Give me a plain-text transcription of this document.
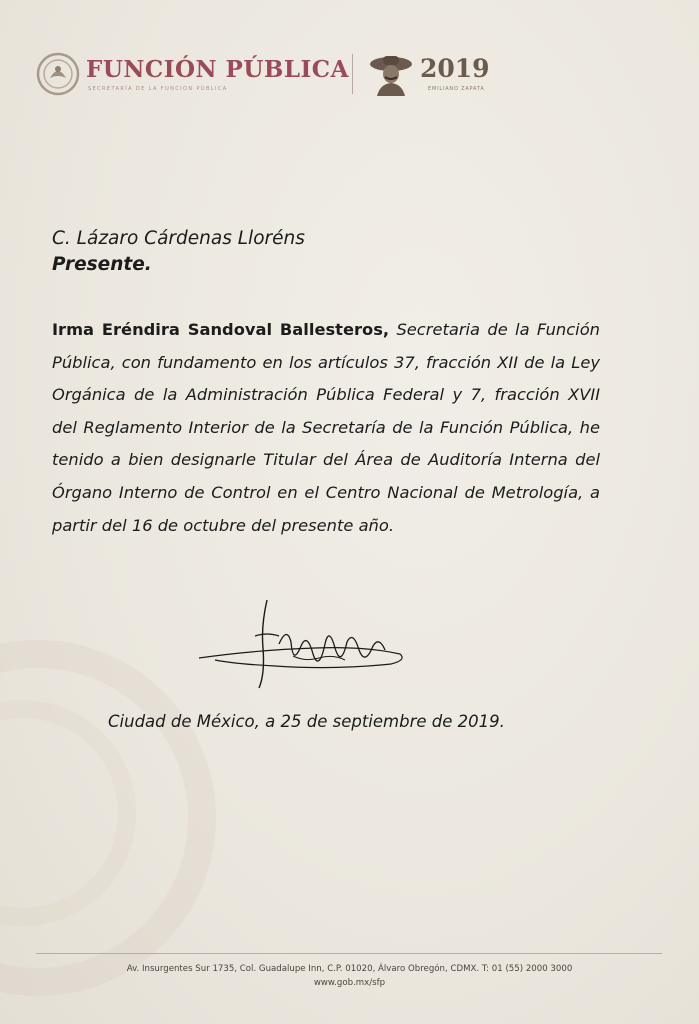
FUNCIÓN PÚBLICA
SECRETARÍA DE LA FUNCIÓN PÚBLICA
2019
EMILIANO ZAPATA
C. Lázaro Cárdenas Lloréns
Presente.
Irma Eréndira Sandoval Ballesteros, Secretaria de la Función Pública, con fundamento en los artículos 37, fracción XII de la Ley Orgánica de la Administración Pública Federal y 7, fracción XVII del Reglamento Interior de la Secretaría de la Función Pública, he tenido a bien designarle Titular del Área de Auditoría Interna del Órgano Interno de Control en el Centro Nacional de Metrología, a partir del 16 de octubre del presente año.
Ciudad de México, a 25 de septiembre de 2019.
Av. Insurgentes Sur 1735, Col. Guadalupe Inn, C.P. 01020, Álvaro Obregón, CDMX. T: 01 (55) 2000 3000
www.gob.mx/sfp
